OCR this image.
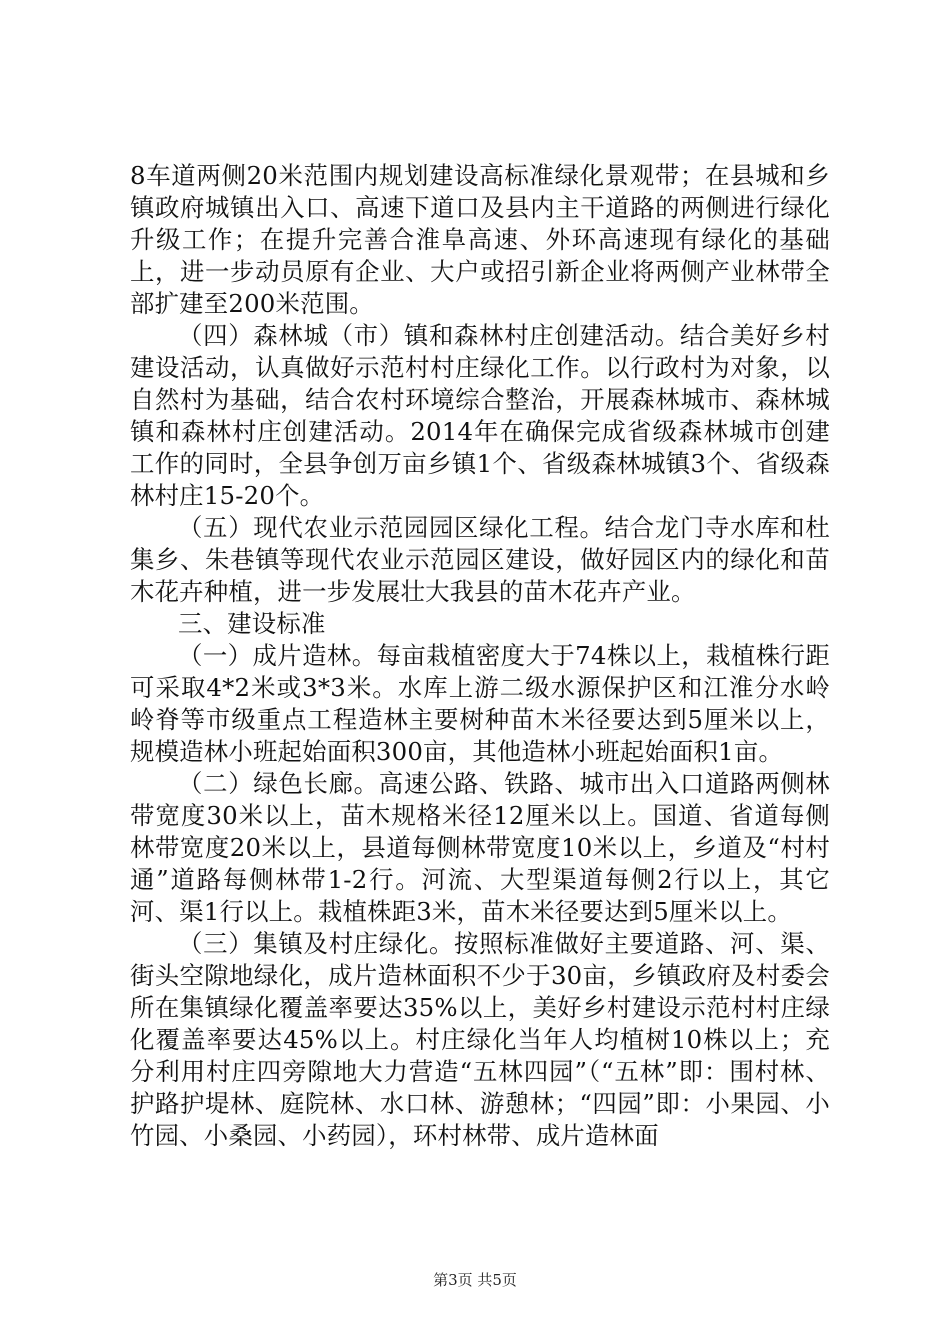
8车道两侧20米范围内规划建设高标准绿化景观带；在县城和乡镇政府城镇出入口、高速下道口及县内主干道路的两侧进行绿化升级工作；在提升完善合淮阜高速、外环高速现有绿化的基础上，进一步动员原有企业、大户或招引新企业将两侧产业林带全部扩建至200米范围。

（四）森林城（市）镇和森林村庄创建活动。结合美好乡村建设活动，认真做好示范村村庄绿化工作。以行政村为对象，以自然村为基础，结合农村环境综合整治，开展森林城市、森林城镇和森林村庄创建活动。2014年在确保完成省级森林城市创建工作的同时，全县争创万亩乡镇1个、省级森林城镇3个、省级森林村庄15-20个。

（五）现代农业示范园园区绿化工程。结合龙门寺水库和杜集乡、朱巷镇等现代农业示范园区建设，做好园区内的绿化和苗木花卉种植，进一步发展壮大我县的苗木花卉产业。

三、建设标准

（一）成片造林。每亩栽植密度大于74株以上，栽植株行距可采取4*2米或3*3米。水库上游二级水源保护区和江淮分水岭岭脊等市级重点工程造林主要树种苗木米径要达到5厘米以上，规模造林小班起始面积300亩，其他造林小班起始面积1亩。

（二）绿色长廊。高速公路、铁路、城市出入口道路两侧林带宽度30米以上，苗木规格米径12厘米以上。国道、省道每侧林带宽度20米以上，县道每侧林带宽度10米以上，乡道及“村村通”道路每侧林带1-2行。河流、大型渠道每侧2行以上，其它河、渠1行以上。栽植株距3米，苗木米径要达到5厘米以上。

（三）集镇及村庄绿化。按照标准做好主要道路、河、渠、街头空隙地绿化，成片造林面积不少于30亩，乡镇政府及村委会所在集镇绿化覆盖率要达35%以上，美好乡村建设示范村村庄绿化覆盖率要达45%以上。村庄绿化当年人均植树10株以上；充分利用村庄四旁隙地大力营造“五林四园”（“五林”即：围村林、护路护堤林、庭院林、水口林、游憩林；“四园”即：小果园、小竹园、小桑园、小药园），环村林带、成片造林面

第3页 共5页
